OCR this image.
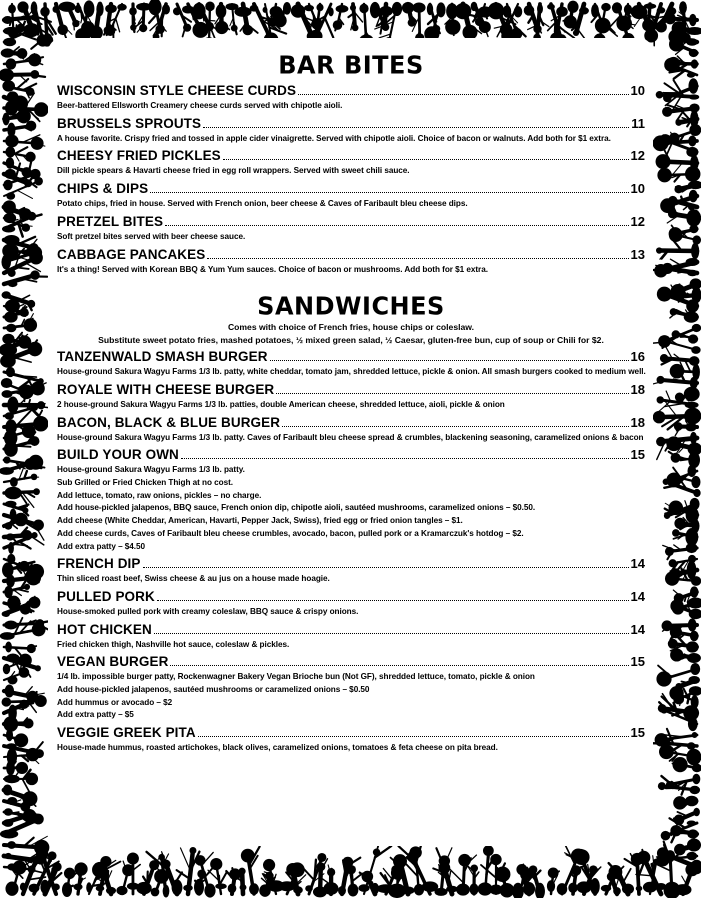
BAR BITES
WISCONSIN STYLE CHEESE CURDS	10

Beer-battered Ellsworth Creamery cheese curds served with chipotle aioli.

BRUSSELS SPROUTS	11

A house favorite. Crispy fried and tossed in apple cider vinaigrette. Served with chipotle aioli. Choice of bacon or walnuts. Add both for $1 extra.

CHEESY FRIED PICKLES	12

Dill pickle spears & Havarti cheese fried in egg roll wrappers. Served with sweet chili sauce.

CHIPS & DIPS	10

Potato chips, fried in house. Served with French onion, beer cheese & Caves of Faribault bleu cheese dips.

PRETZEL BITES	12

Soft pretzel bites served with beer cheese sauce.

CABBAGE PANCAKES	13

It's a thing! Served with Korean BBQ & Yum Yum sauces. Choice of bacon or mushrooms. Add both for $1 extra.

SANDWICHES

Comes with choice of French fries, house chips or coleslaw.

Substitute sweet potato fries, mashed potatoes, ½ mixed green salad, ½ Caesar, gluten-free bun, cup of soup or Chili for $2.

TANZENWALD SMASH BURGER	16

House-ground Sakura Wagyu Farms 1/3 lb. patty, white cheddar, tomato jam, shredded lettuce, pickle & onion. All smash burgers cooked to medium well.

ROYALE WITH CHEESE BURGER	18

2 house-ground Sakura Wagyu Farms 1/3 lb. patties, double American cheese, shredded lettuce, aioli, pickle & onion

BACON, BLACK & BLUE BURGER	18

House-ground Sakura Wagyu Farms 1/3 lb. patty. Caves of Faribault bleu cheese spread & crumbles, blackening seasoning, caramelized onions & bacon

BUILD YOUR OWN	15

House-ground Sakura Wagyu Farms 1/3 lb. patty.

Sub Grilled or Fried Chicken Thigh at no cost.

Add lettuce, tomato, raw onions, pickles – no charge.

Add house-pickled jalapenos, BBQ sauce, French onion dip, chipotle aioli, sautéed mushrooms, caramelized onions – $0.50.

Add cheese (White Cheddar, American, Havarti, Pepper Jack, Swiss), fried egg or fried onion tangles – $1.

Add cheese curds, Caves of Faribault bleu cheese crumbles, avocado, bacon, pulled pork or a Kramarczuk's hotdog – $2.

Add extra patty – $4.50

FRENCH DIP	14

Thin sliced roast beef, Swiss cheese & au jus on a house made hoagie.

PULLED PORK	14

House-smoked pulled pork with creamy coleslaw, BBQ sauce & crispy onions.

HOT CHICKEN	14

Fried chicken thigh, Nashville hot sauce, coleslaw & pickles.

VEGAN BURGER	15

1/4 lb. impossible burger patty, Rockenwagner Bakery Vegan Brioche bun (Not GF), shredded lettuce, tomato, pickle & onion

Add house-pickled jalapenos, sautéed mushrooms or caramelized onions – $0.50

Add hummus or avocado – $2

Add extra patty – $5

VEGGIE GREEK PITA	15

House-made hummus, roasted artichokes, black olives, caramelized onions, tomatoes & feta cheese on pita bread.
